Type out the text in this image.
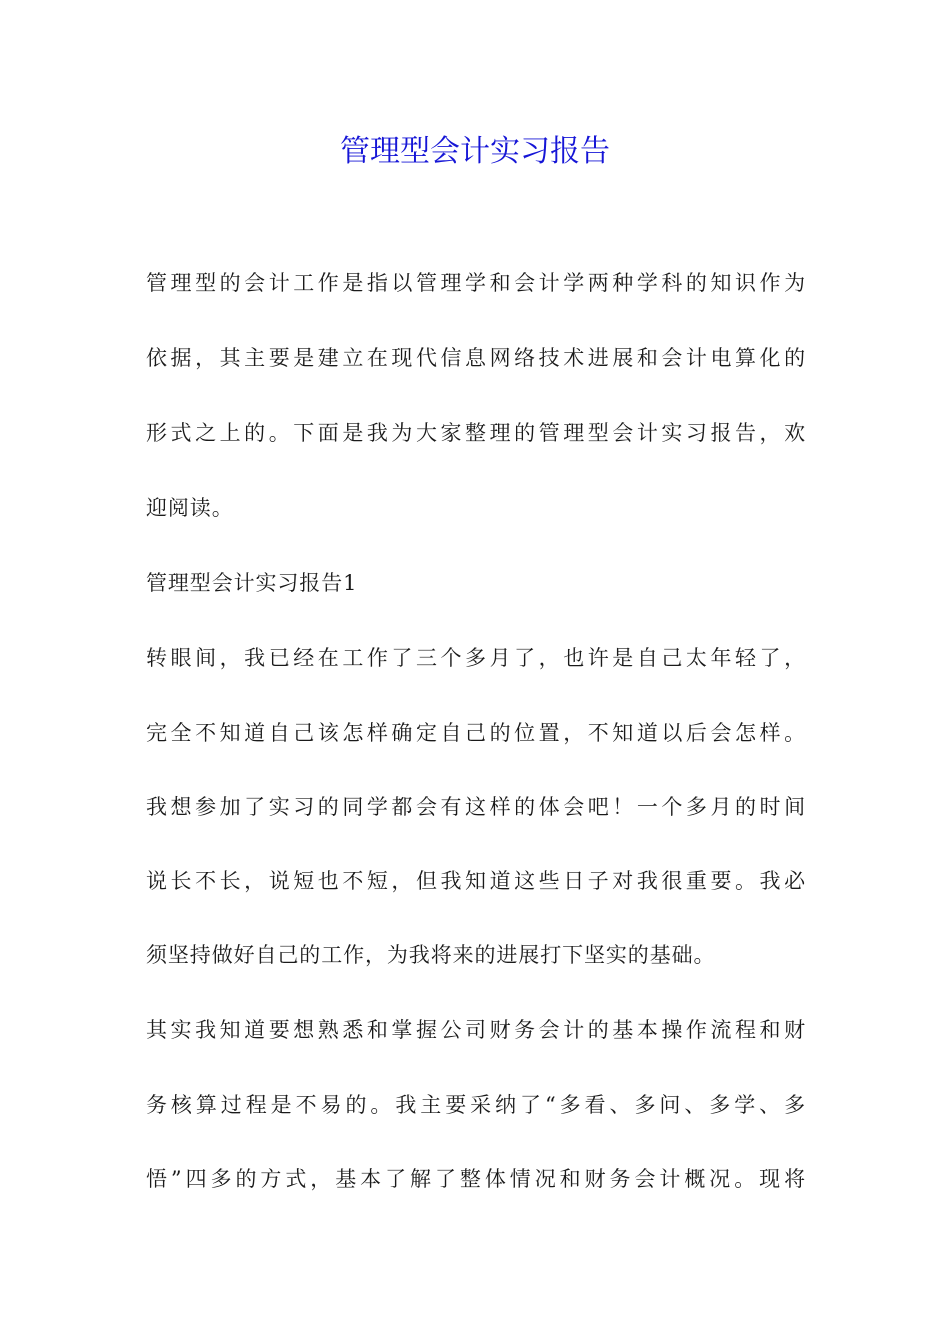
管理型会计实习报告

管理型的会计工作是指以管理学和会计学两种学科的知识作为

依据，其主要是建立在现代信息网络技术进展和会计电算化的

形式之上的。下面是我为大家整理的管理型会计实习报告，欢

迎阅读。

管理型会计实习报告1

转眼间，我已经在工作了三个多月了，也许是自己太年轻了，

完全不知道自己该怎样确定自己的位置，不知道以后会怎样。

我想参加了实习的同学都会有这样的体会吧！一个多月的时间

说长不长，说短也不短，但我知道这些日子对我很重要。我必

须坚持做好自己的工作，为我将来的进展打下坚实的基础。

其实我知道要想熟悉和掌握公司财务会计的基本操作流程和财

务核算过程是不易的。我主要采纳了“多看、多问、多学、多

悟”四多的方式，基本了解了整体情况和财务会计概况。现将
